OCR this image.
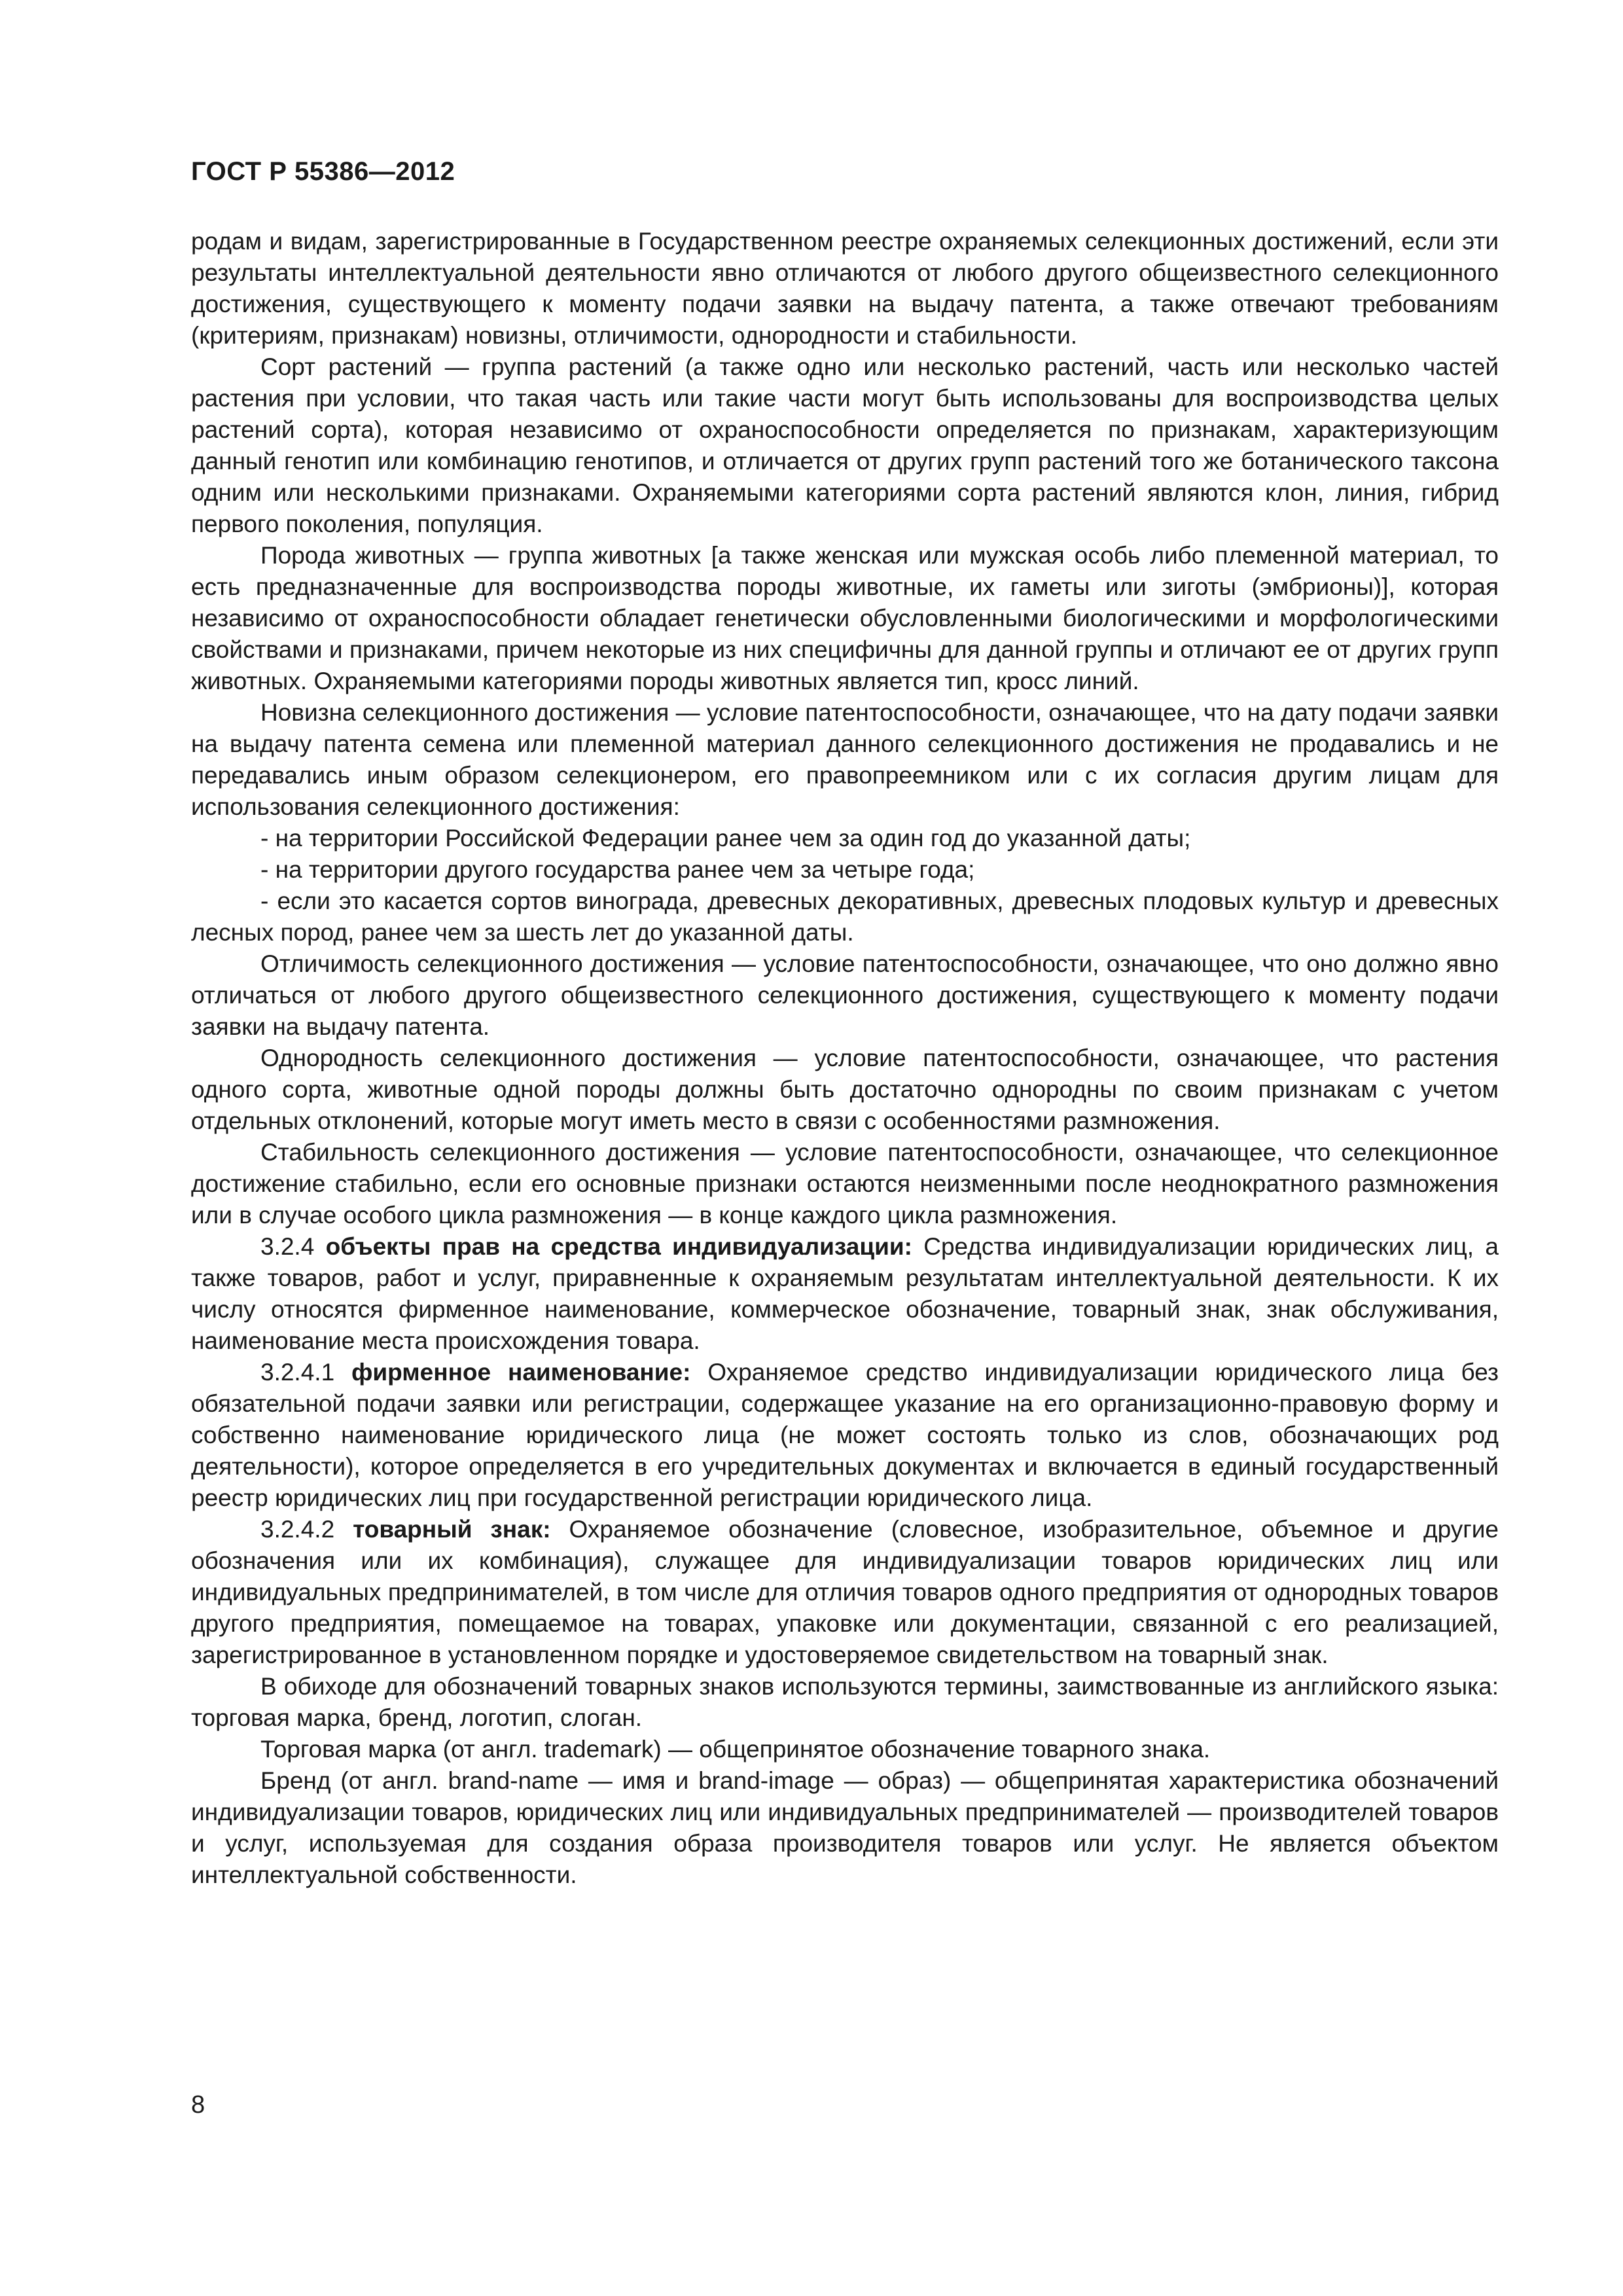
ГОСТ Р 55386—2012

родам и видам, зарегистрированные в Государственном реестре охраняемых селекционных достижений, если эти результаты интеллектуальной деятельности явно отличаются от любого другого общеизвестного селекционного достижения, существующего к моменту подачи заявки на выдачу патента, а также отвечают требованиям (критериям, признакам) новизны, отличимости, однородности и стабильности.

Сорт растений — группа растений (а также одно или несколько растений, часть или несколько частей растения при условии, что такая часть или такие части могут быть использованы для воспроизводства целых растений сорта), которая независимо от охраноспособности определяется по признакам, характеризующим данный генотип или комбинацию генотипов, и отличается от других групп растений того же ботанического таксона одним или несколькими признаками. Охраняемыми категориями сорта растений являются клон, линия, гибрид первого поколения, популяция.

Порода животных — группа животных [а также женская или мужская особь либо племенной материал, то есть предназначенные для воспроизводства породы животные, их гаметы или зиготы (эмбрионы)], которая независимо от охраноспособности обладает генетически обусловленными биологическими и морфологическими свойствами и признаками, причем некоторые из них специфичны для данной группы и отличают ее от других групп животных. Охраняемыми категориями породы животных является тип, кросс линий.

Новизна селекционного достижения — условие патентоспособности, означающее, что на дату подачи заявки на выдачу патента семена или племенной материал данного селекционного достижения не продавались и не передавались иным образом селекционером, его правопреемником или с их согласия другим лицам для использования селекционного достижения:

- на территории Российской Федерации ранее чем за один год до указанной даты;

- на территории другого государства ранее чем за четыре года;

- если это касается сортов винограда, древесных декоративных, древесных плодовых культур и древесных лесных пород, ранее чем за шесть лет до указанной даты.

Отличимость селекционного достижения — условие патентоспособности, означающее, что оно должно явно отличаться от любого другого общеизвестного селекционного достижения, существующего к моменту подачи заявки на выдачу патента.

Однородность селекционного достижения — условие патентоспособности, означающее, что растения одного сорта, животные одной породы должны быть достаточно однородны по своим признакам с учетом отдельных отклонений, которые могут иметь место в связи с особенностями размножения.

Стабильность селекционного достижения — условие патентоспособности, означающее, что селекционное достижение стабильно, если его основные признаки остаются неизменными после неоднократного размножения или в случае особого цикла размножения — в конце каждого цикла размножения.

3.2.4 объекты прав на средства индивидуализации: Средства индивидуализации юридических лиц, а также товаров, работ и услуг, приравненные к охраняемым результатам интеллектуальной деятельности. К их числу относятся фирменное наименование, коммерческое обозначение, товарный знак, знак обслуживания, наименование места происхождения товара.

3.2.4.1 фирменное наименование: Охраняемое средство индивидуализации юридического лица без обязательной подачи заявки или регистрации, содержащее указание на его организационно-правовую форму и собственно наименование юридического лица (не может состоять только из слов, обозначающих род деятельности), которое определяется в его учредительных документах и включается в единый государственный реестр юридических лиц при государственной регистрации юридического лица.

3.2.4.2 товарный знак: Охраняемое обозначение (словесное, изобразительное, объемное и другие обозначения или их комбинация), служащее для индивидуализации товаров юридических лиц или индивидуальных предпринимателей, в том числе для отличия товаров одного предприятия от однородных товаров другого предприятия, помещаемое на товарах, упаковке или документации, связанной с его реализацией, зарегистрированное в установленном порядке и удостоверяемое свидетельством на товарный знак.

В обиходе для обозначений товарных знаков используются термины, заимствованные из английского языка: торговая марка, бренд, логотип, слоган.

Торговая марка (от англ. trademark) — общепринятое обозначение товарного знака.

Бренд (от англ. brand-name — имя и brand-image — образ) — общепринятая характеристика обозначений индивидуализации товаров, юридических лиц или индивидуальных предпринимателей — производителей товаров и услуг, используемая для создания образа производителя товаров или услуг. Не является объектом интеллектуальной собственности.

8
